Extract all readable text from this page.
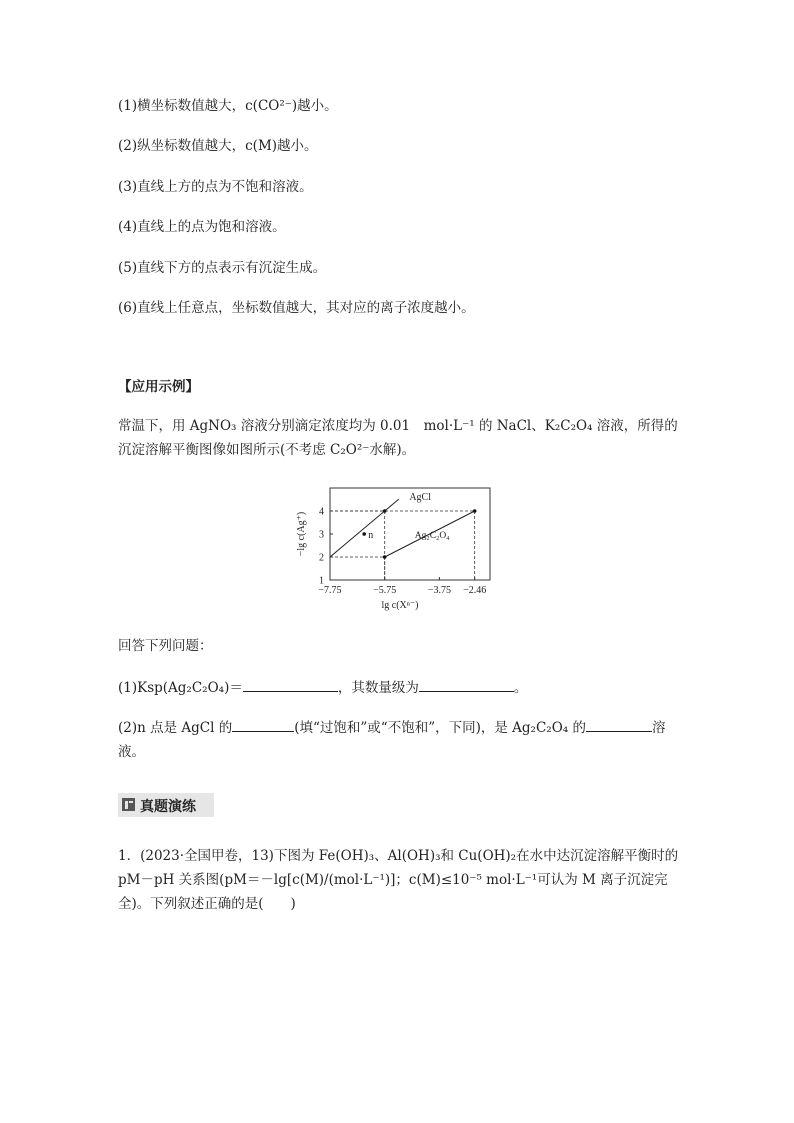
(1)横坐标数值越大，c(CO²⁻)越小。
(2)纵坐标数值越大，c(M)越小。
(3)直线上方的点为不饱和溶液。
(4)直线上的点为饱和溶液。
(5)直线下方的点表示有沉淀生成。
(6)直线上任意点，坐标数值越大，其对应的离子浓度越小。
【应用示例】
常温下，用 AgNO₃ 溶液分别滴定浓度均为 0.01　mol·L⁻¹ 的 NaCl、K₂C₂O₄ 溶液，所得的沉淀溶解平衡图像如图所示(不考虑 C₂O²⁻水解)。
1
2
3
4
−7.75	−5.75	−3.75 −2.46
AgCl
Ag₂C₂O₄
n
lg c(Xⁿ⁻)
−lg c(Ag⁺)
回答下列问题：
(1)Ksp(Ag₂C₂O₄)＝	，其数量级为	。
(2)n 点是 AgCl 的	(填“过饱和”或“不饱和”，下同)，是 Ag₂C₂O₄ 的	溶液。
真题演练
1．(2023·全国甲卷，13)下图为 Fe(OH)₃、Al(OH)₃和 Cu(OH)₂在水中达沉淀溶解平衡时的 pM－pH 关系图(pM＝－lg[c(M)/(mol·L⁻¹)]；c(M)≤10⁻⁵ mol·L⁻¹可认为 M 离子沉淀完全)。下列叙述正确的是(　　)
